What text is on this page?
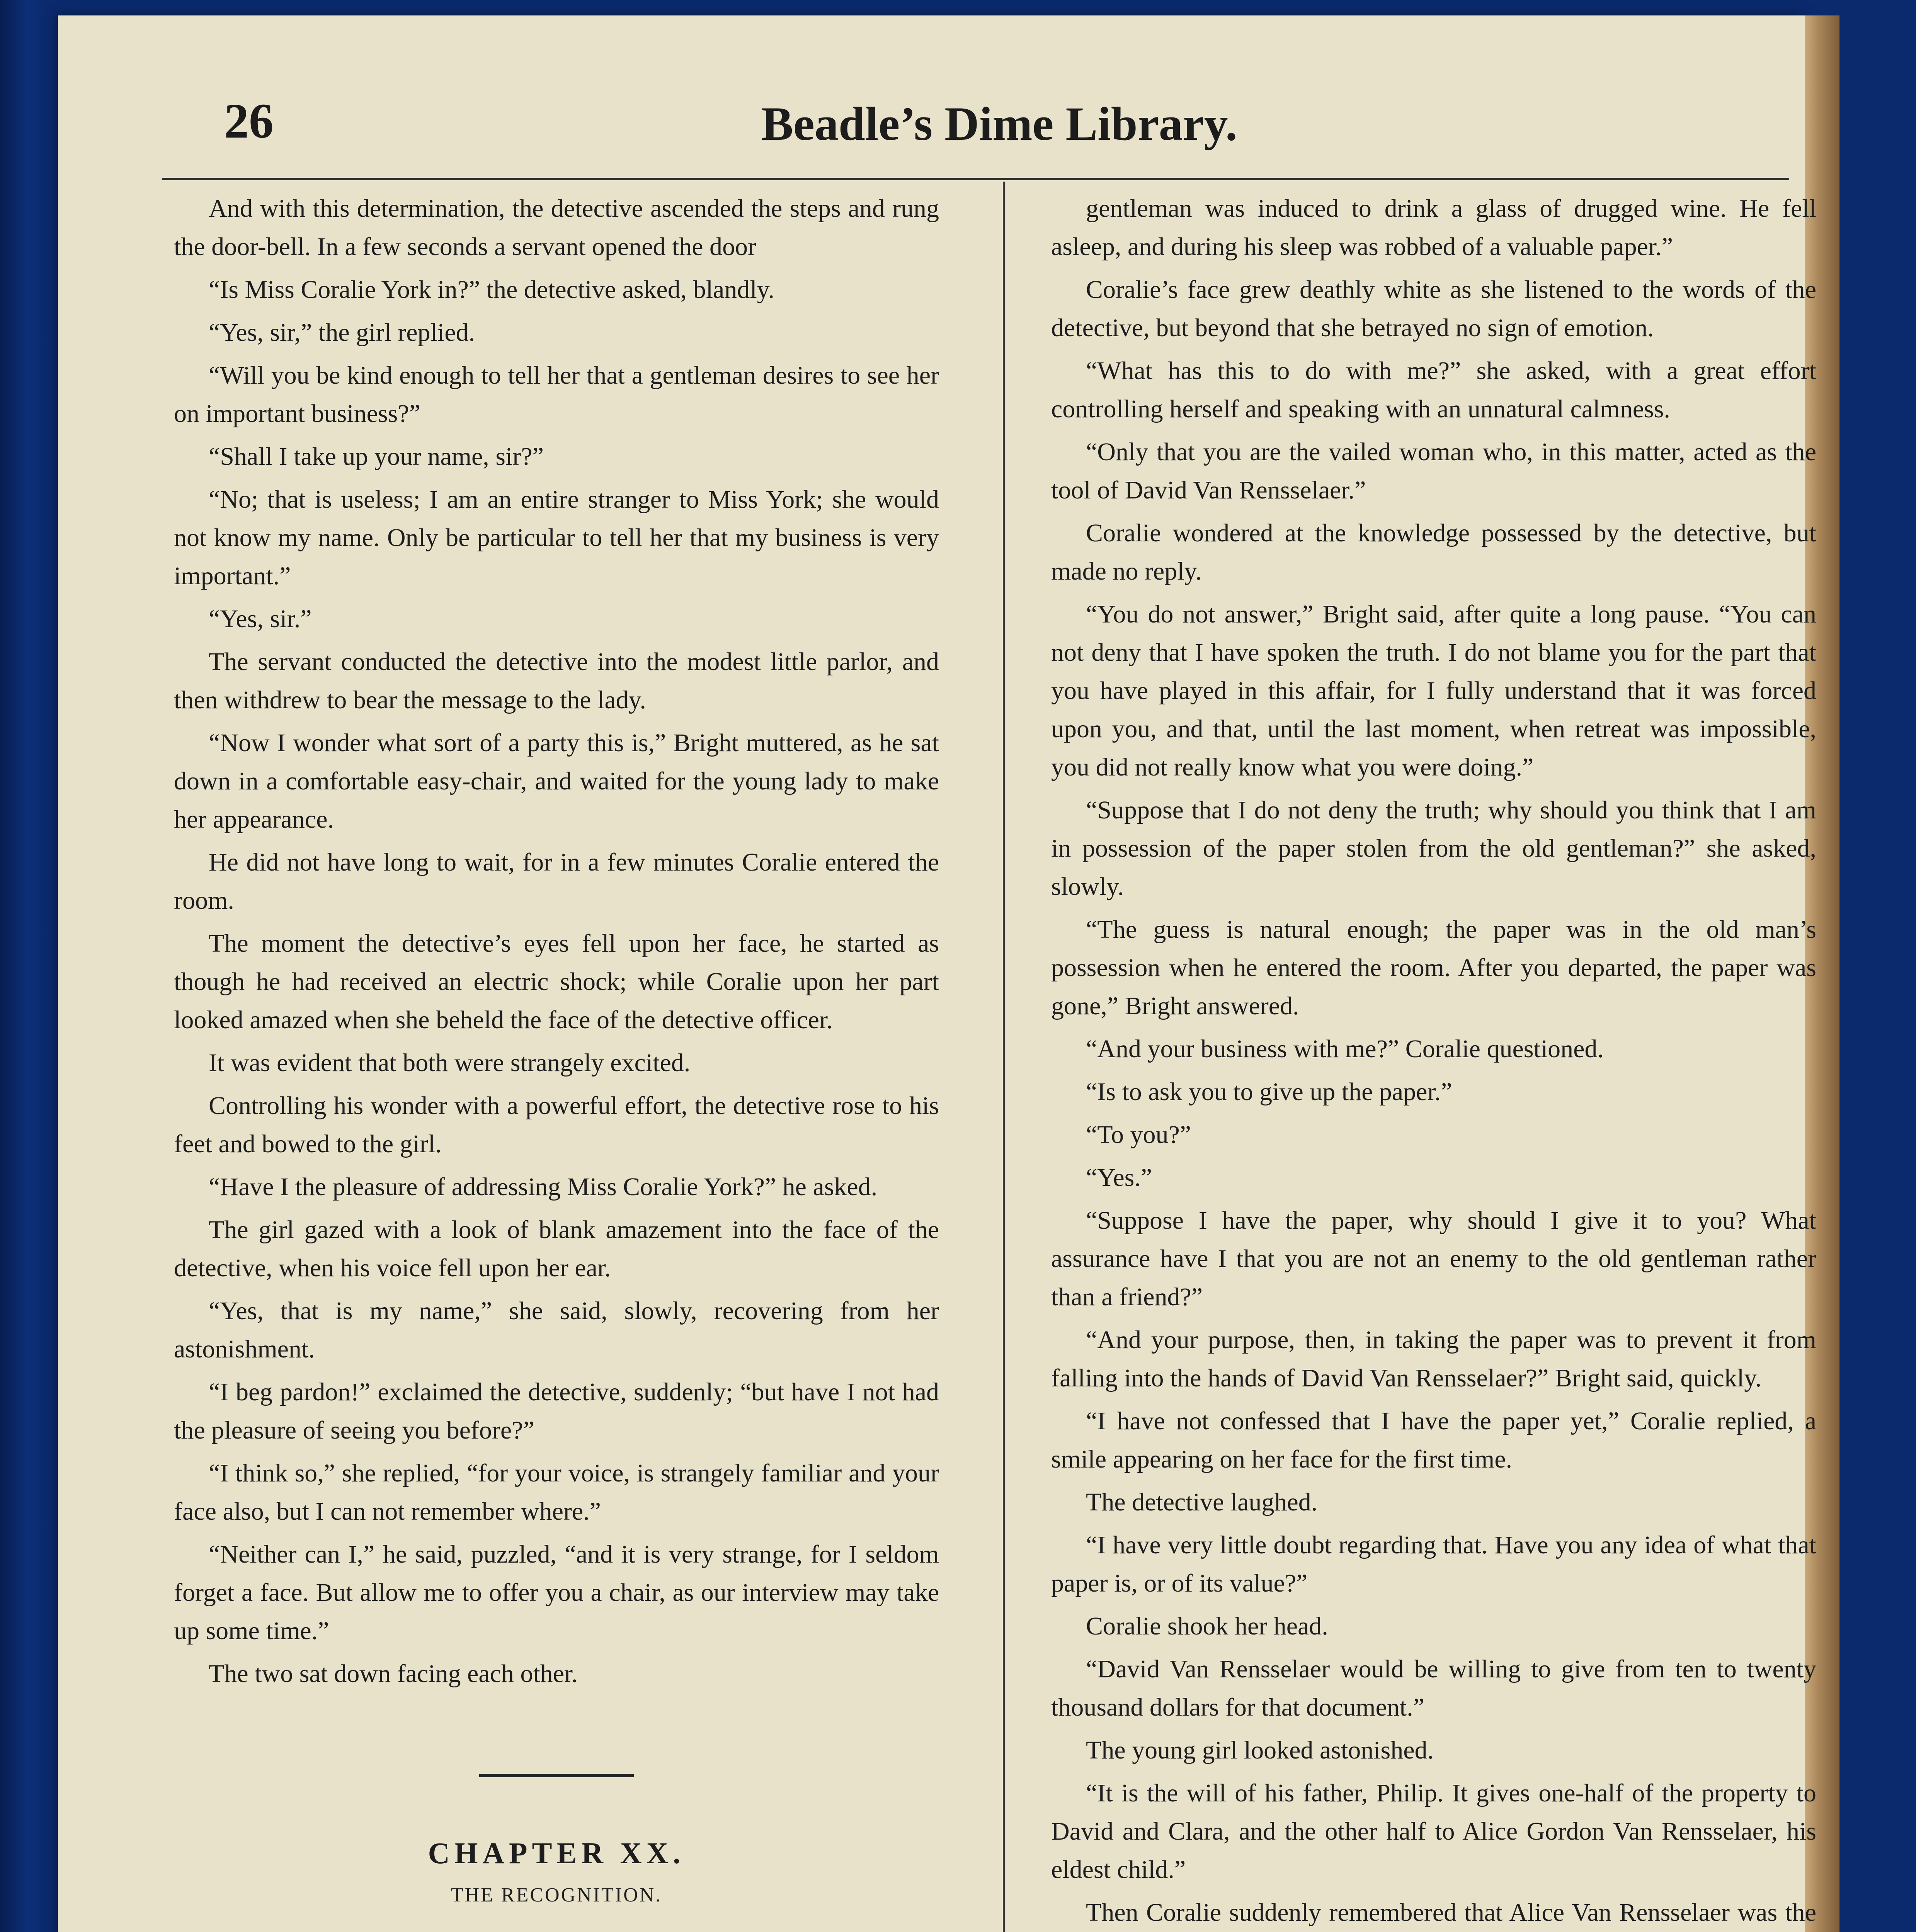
26	Beadle’s Dime Library.

And with this determination, the detective ascended the steps and rung the door-bell. In a few seconds a servant opened the door

“Is Miss Coralie York in?” the detective asked, blandly.

“Yes, sir,” the girl replied.

“Will you be kind enough to tell her that a gentleman desires to see her on important business?”

“Shall I take up your name, sir?”

“No; that is useless; I am an entire stranger to Miss York; she would not know my name. Only be particular to tell her that my business is very important.”

“Yes, sir.”

The servant conducted the detective into the modest little parlor, and then withdrew to bear the message to the lady.

“Now I wonder what sort of a party this is,” Bright muttered, as he sat down in a comfortable easy-chair, and waited for the young lady to make her appearance.

He did not have long to wait, for in a few minutes Coralie entered the room.

The moment the detective’s eyes fell upon her face, he started as though he had received an electric shock; while Coralie upon her part looked amazed when she beheld the face of the detective officer.

It was evident that both were strangely excited.

Controlling his wonder with a powerful effort, the detective rose to his feet and bowed to the girl.

“Have I the pleasure of addressing Miss Coralie York?” he asked.

The girl gazed with a look of blank amazement into the face of the detective, when his voice fell upon her ear.

“Yes, that is my name,” she said, slowly, recovering from her astonishment.

“I beg pardon!” exclaimed the detective, suddenly; “but have I not had the pleasure of seeing you before?”

“I think so,” she replied, “for your voice, is strangely familiar and your face also, but I can not remember where.”

“Neither can I,” he said, puzzled, “and it is very strange, for I seldom forget a face. But allow me to offer you a chair, as our interview may take up some time.”

The two sat down facing each other.

CHAPTER XX.

THE RECOGNITION.

gentleman was induced to drink a glass of drugged wine. He fell asleep, and during his sleep was robbed of a valuable paper.”

Coralie’s face grew deathly white as she listened to the words of the detective, but beyond that she betrayed no sign of emotion.

“What has this to do with me?” she asked, with a great effort controlling herself and speaking with an unnatural calmness.

“Only that you are the vailed woman who, in this matter, acted as the tool of David Van Rensselaer.”

Coralie wondered at the knowledge possessed by the detective, but made no reply.

“You do not answer,” Bright said, after quite a long pause. “You can not deny that I have spoken the truth. I do not blame you for the part that you have played in this affair, for I fully understand that it was forced upon you, and that, until the last moment, when retreat was impossible, you did not really know what you were doing.”

“Suppose that I do not deny the truth; why should you think that I am in possession of the paper stolen from the old gentleman?” she asked, slowly.

“The guess is natural enough; the paper was in the old man’s possession when he entered the room. After you departed, the paper was gone,” Bright answered.

“And your business with me?” Coralie questioned.

“Is to ask you to give up the paper.”

“To you?”

“Yes.”

“Suppose I have the paper, why should I give it to you? What assurance have I that you are not an enemy to the old gentleman rather than a friend?”

“And your purpose, then, in taking the paper was to prevent it from falling into the hands of David Van Rensselaer?” Bright said, quickly.

“I have not confessed that I have the paper yet,” Coralie replied, a smile appearing on her face for the first time.

The detective laughed.

“I have very little doubt regarding that. Have you any idea of what that paper is, or of its value?”

Coralie shook her head.

“David Van Rensselaer would be willing to give from ten to twenty thousand dollars for that document.”

The young girl looked astonished.

“It is the will of his father, Philip. It gives one-half of the property to David and Clara, and the other half to Alice Gordon Van Rensselaer, his eldest child.”

Then Coralie suddenly remembered that Alice Van Rensselaer was the
